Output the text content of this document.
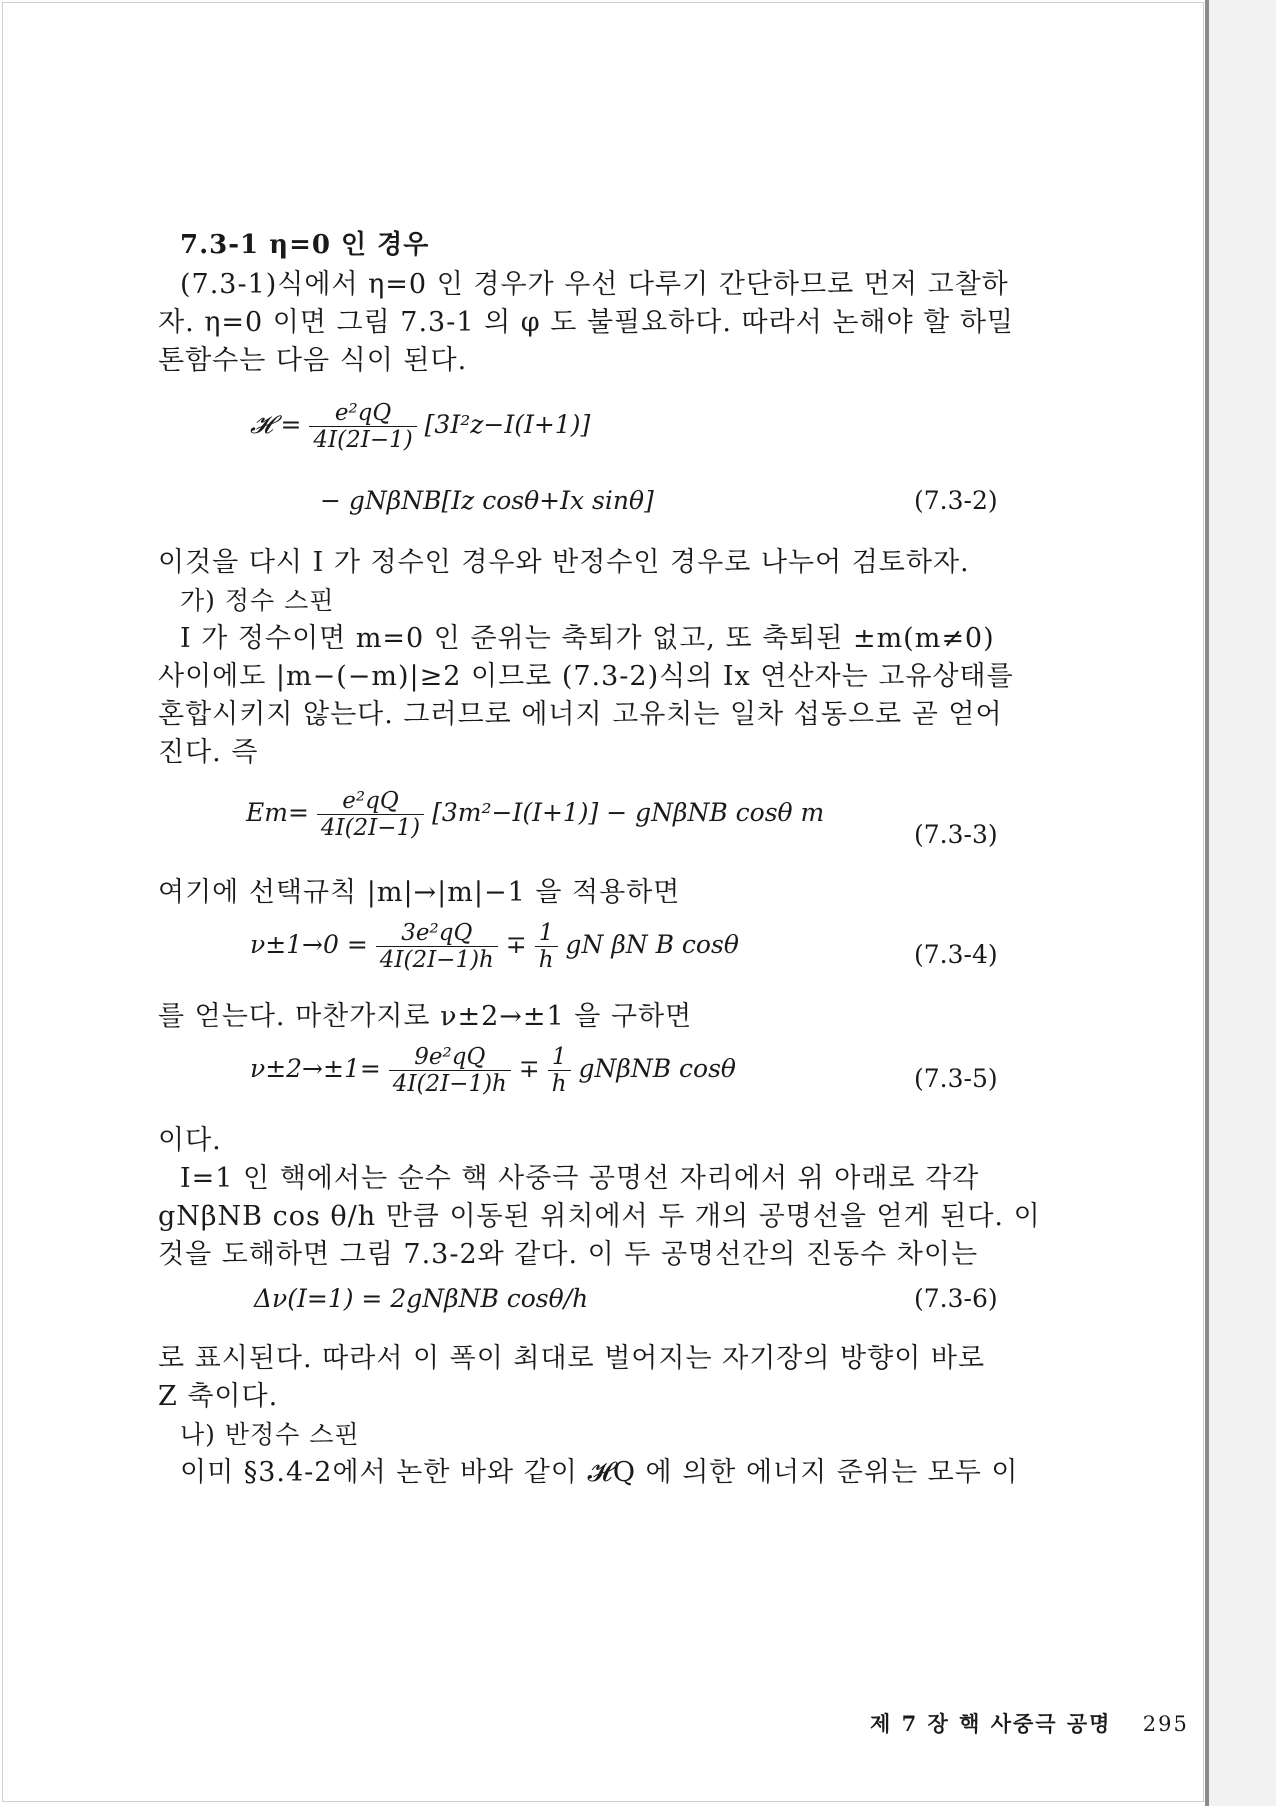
7.3-1 η=0 인 경우
(7.3-1)식에서 η=0 인 경우가 우선 다루기 간단하므로 먼저 고찰하
자. η=0 이면 그림 7.3-1 의 φ 도 불필요하다. 따라서 논해야 할 하밀
톤함수는 다음 식이 된다.
𝓗 = $\frac{\text{e²qQ}}{4I(2I-1)} [3I^2z-I(I+1)]$
− gNβNB[Iz cosθ+Ix sinθ]	(7.3-2)
이것을 다시 I 가 정수인 경우와 반정수인 경우로 나누어 검토하자.
가) 정수 스핀
I 가 정수이면 m=0 인 준위는 축퇴가 없고, 또 축퇴된 ±m(m≠0)
사이에도 |m−(−m)|≥2 이므로 (7.3-2)식의 Ix 연산자는 고유상태를
혼합시키지 않는다. 그러므로 에너지 고유치는 일차 섭동으로 곧 얻어
진다. 즉
$Em= \frac{\text{e²qQ}}{4I(2I-1)} [3m^2-I(I+1)] - gN\beta NB$ cosθ m
(7.3-3)
여기에 선택규칙 |m|→|m|−1 을 적용하면
$\nu\pm 1\to 0 = \frac{\text{3e²qQ}}{4I(2I-1)h} \mp \frac{1}{h}$ gN βN B cosθ	(7.3-4)
를 얻는다. 마찬가지로 ν±2→±1 을 구하면
$\nu\pm 2\to\pm 1= \frac{\text{9e²qQ}}{4I(2I-1)h} \mp \frac{1}{h}$ gNβNB cosθ	(7.3-5)
이다.
I=1 인 핵에서는 순수 핵 사중극 공명선 자리에서 위 아래로 각각
gNβNB cos θ/h 만큼 이동된 위치에서 두 개의 공명선을 얻게 된다. 이
것을 도해하면 그림 7.3-2와 같다. 이 두 공명선간의 진동수 차이는
Δν(I=1) = 2gNβNB cosθ/h	(7.3-6)
로 표시된다. 따라서 이 폭이 최대로 벌어지는 자기장의 방향이 바로
Z 축이다.
나) 반정수 스핀
이미 §3.4-2에서 논한 바와 같이 𝓗Q 에 의한 에너지 준위는 모두 이
제 7 장 핵 사중극 공명 295
